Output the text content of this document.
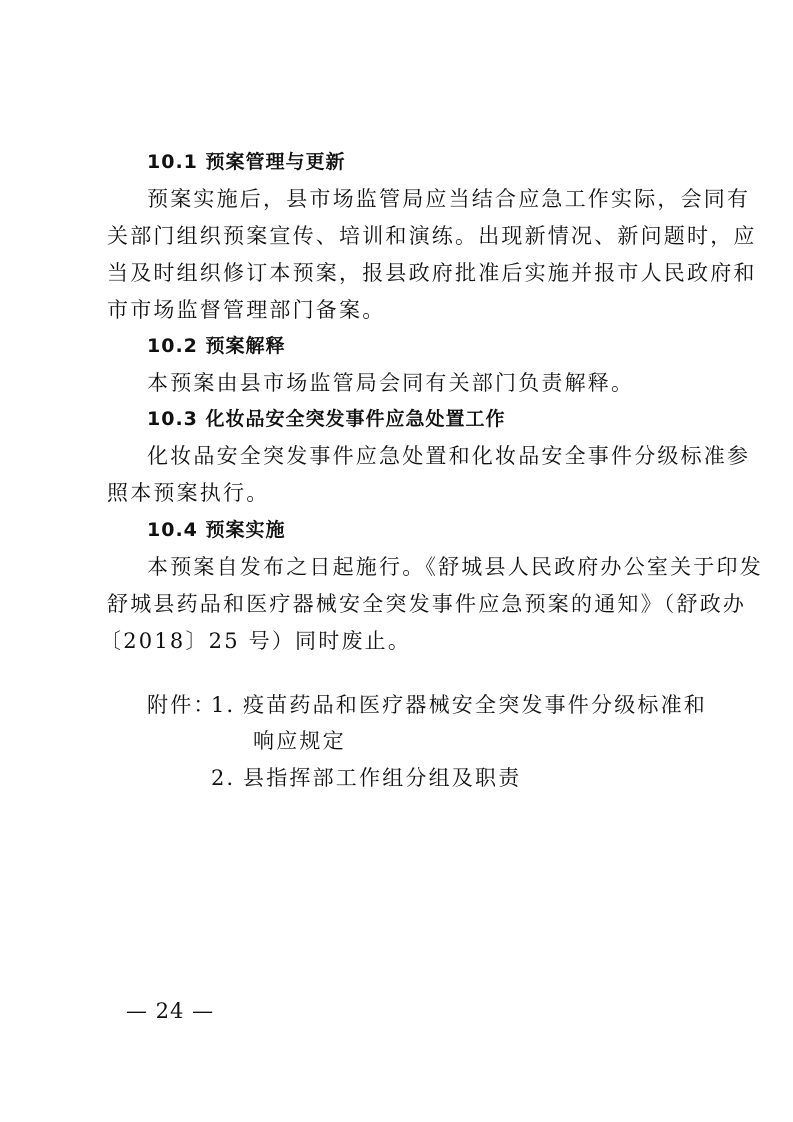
10.1 预案管理与更新
预案实施后，县市场监管局应当结合应急工作实际，会同有
关部门组织预案宣传、培训和演练。出现新情况、新问题时，应
当及时组织修订本预案，报县政府批准后实施并报市人民政府和
市市场监督管理部门备案。
10.2 预案解释
本预案由县市场监管局会同有关部门负责解释。
10.3 化妆品安全突发事件应急处置工作
化妆品安全突发事件应急处置和化妆品安全事件分级标准参
照本预案执行。
10.4 预案实施
本预案自发布之日起施行。《舒城县人民政府办公室关于印发
舒城县药品和医疗器械安全突发事件应急预案的通知》（舒政办
〔2018〕25 号）同时废止。
附件：
1．
疫苗药品和医疗器械安全突发事件分级标准和
响应规定
2．
县指挥部工作组分组及职责
— 24 —
